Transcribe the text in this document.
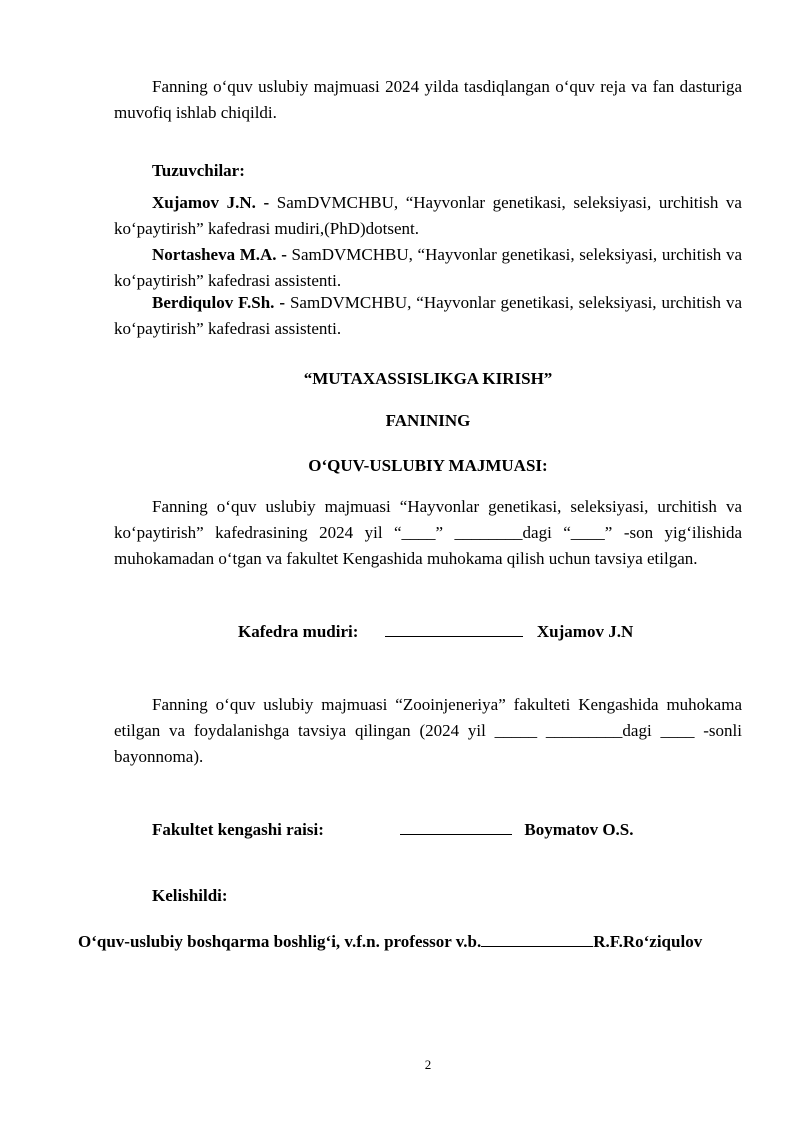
Fanning o‘quv uslubiy majmuasi 2024 yilda tasdiqlangan o‘quv reja va fan dasturiga muvofiq ishlab chiqildi.
Tuzuvchilar:
Xujamov J.N. - SamDVMCHBU, “Hayvonlar genetikasi, seleksiyasi, urchitish va ko‘paytirish” kafedrasi mudiri,(PhD)dotsent.
Nortasheva M.A. - SamDVMCHBU, “Hayvonlar genetikasi, seleksiyasi, urchitish va ko‘paytirish” kafedrasi assistenti.
Berdiqulov F.Sh. - SamDVMCHBU, “Hayvonlar genetikasi, seleksiyasi, urchitish va ko‘paytirish” kafedrasi assistenti.
“MUTAXASSISLIKGA KIRISH”
FANINING
O‘QUV-USLUBIY MAJMUASI:
Fanning o‘quv uslubiy majmuasi “Hayvonlar genetikasi, seleksiyasi, urchitish va ko‘paytirish” kafedrasining 2024 yil “____” ________dagi “____” -son yig‘ilishida muhokamadan o‘tgan va fakultet Kengashida muhokama qilish uchun tavsiya etilgan.
Kafedra mudiri:	Xujamov J.N
Fanning o‘quv uslubiy majmuasi “Zooinjeneriya” fakulteti Kengashida muhokama etilgan va foydalanishga tavsiya qilingan (2024 yil _____ _________dagi ____ -sonli bayonnoma).
Fakultet kengashi raisi:	Boymatov O.S.
Kelishildi:
O‘quv-uslubiy boshqarma boshlig‘i, v.f.n. professor v.b.	R.F.Ro‘ziqulov
2
